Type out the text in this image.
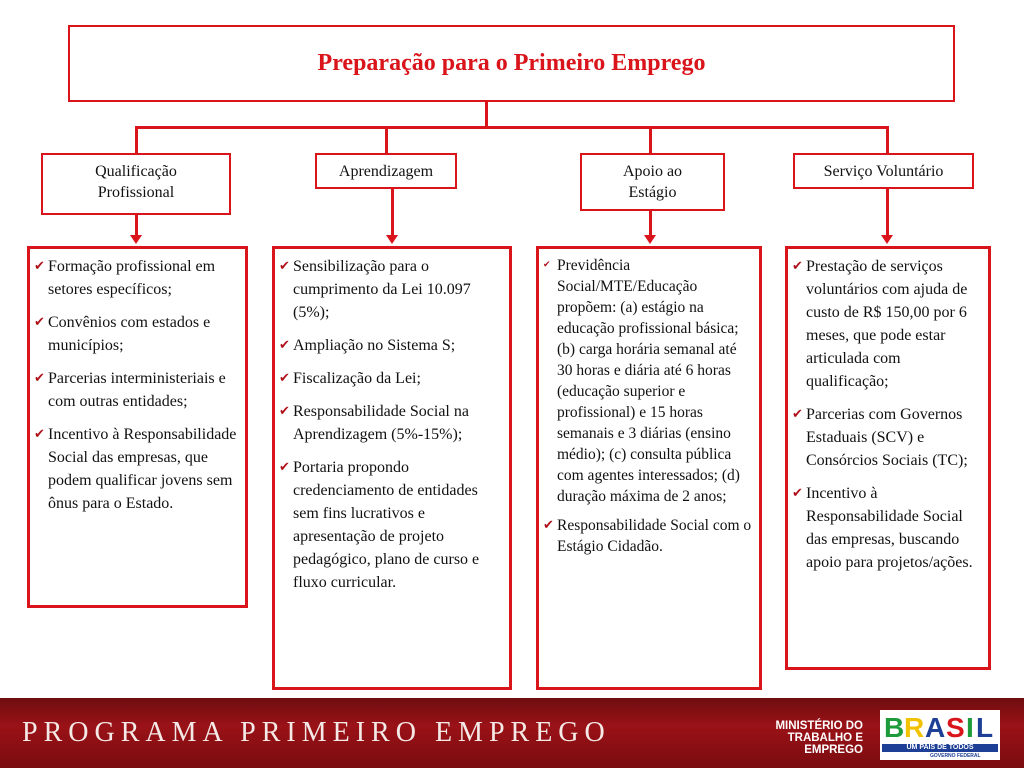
Preparação para o Primeiro Emprego
Qualificação Profissional
Aprendizagem	Apoio ao Estágio
Serviço Voluntário
✔ Formação profissional em setores específicos;
✔ Convênios com estados e municípios;
✔ Parcerias interministeriais e com outras entidades;
✔ Incentivo à Responsabilidade Social das empresas, que podem qualificar jovens sem ônus para o Estado.
✔ Sensibilização para o cumprimento da Lei 10.097 (5%);
✔ Ampliação no Sistema S;
✔ Fiscalização da Lei;
✔ Responsabilidade Social na Aprendizagem (5%-15%);
✔ Portaria propondo credenciamento de entidades sem fins lucrativos e apresentação de projeto pedagógico, plano de curso e fluxo curricular.
✔ Previdência Social/MTE/Educação propõem: (a) estágio na educação profissional básica; (b) carga horária semanal até 30 horas e diária até 6 horas (educação superior e profissional) e 15 horas semanais e 3 diárias (ensino médio); (c) consulta pública com agentes interessados; (d) duração máxima de 2 anos;
✔ Responsabilidade Social com o Estágio Cidadão.
✔ Prestação de serviços voluntários com ajuda de custo de R$ 150,00 por 6 meses, que pode estar articulada com qualificação;
✔ Parcerias com Governos Estaduais (SCV) e Consórcios Sociais (TC);
✔ Incentivo à Responsabilidade Social das empresas, buscando apoio para projetos/ações.
PROGRAMA PRIMEIRO EMPREGO	MINISTÉRIO DO
TRABALHO E EMPREGO
B R A S I L
UM PAÍS DE TODOS
GOVERNO FEDERAL
